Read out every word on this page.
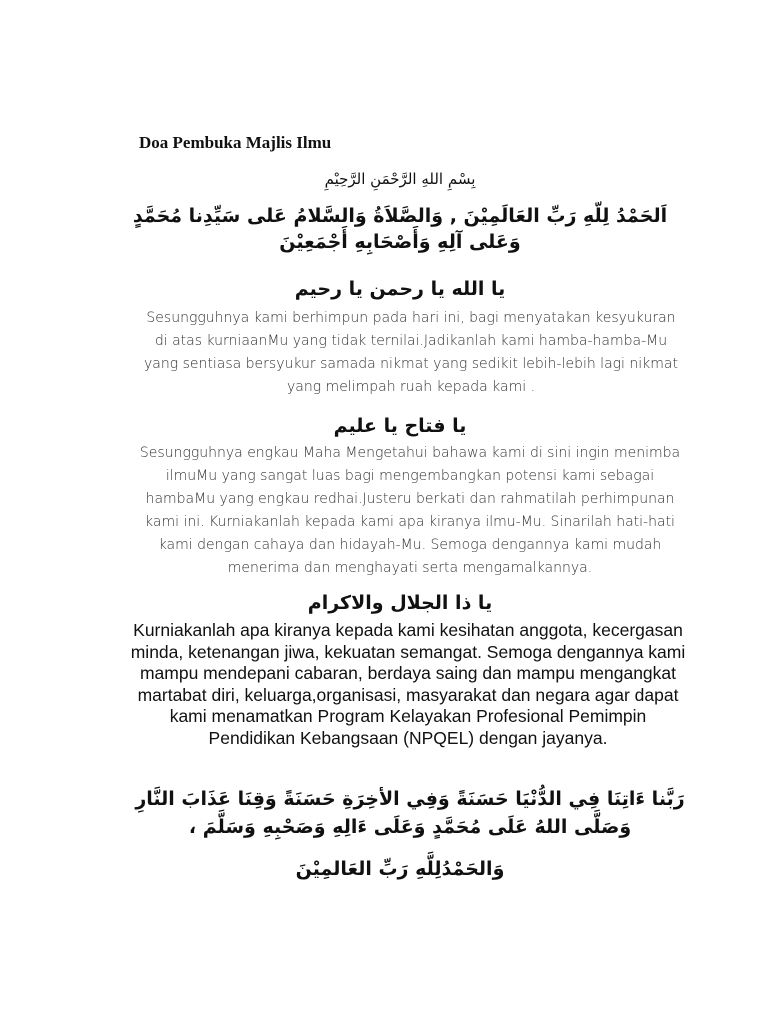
Doa Pembuka Majlis Ilmu
بِسْمِ اللهِ الرَّحْمَنِ الرَّحِيْمِ
اَلحَمْدُ لِلّهِ رَبِّ العَالَمِيْنَ , وَالصَّلاَةُ وَالسَّلامُ عَلى سَيِّدِنا مُحَمَّدٍ وَعَلى آلِهِ وَأَصْحَابِهِ أَجْمَعِيْنَ
يا الله يا رحمن يا رحيم
Sesungguhnya kami berhimpun pada hari ini, bagi menyatakan kesyukuran di atas kurniaanMu yang tidak ternilai.Jadikanlah kami hamba-hamba-Mu yang sentiasa bersyukur samada nikmat yang sedikit lebih-lebih lagi nikmat yang melimpah ruah kepada kami .
يا فتاح يا عليم
Sesungguhnya engkau Maha Mengetahui bahawa kami di sini ingin menimba ilmuMu yang sangat luas bagi mengembangkan potensi kami sebagai hambaMu yang engkau redhai.Justeru berkati dan rahmatilah perhimpunan kami ini. Kurniakanlah kepada kami apa kiranya ilmu-Mu. Sinarilah hati-hati kami dengan cahaya dan hidayah-Mu. Semoga dengannya kami mudah menerima dan menghayati serta mengamalkannya.
يا ذا الجلال والاكرام
Kurniakanlah apa kiranya kepada kami kesihatan anggota, kecergasan minda, ketenangan jiwa, kekuatan semangat. Semoga dengannya kami mampu mendepani cabaran, berdaya saing dan mampu mengangkat martabat diri, keluarga,organisasi, masyarakat dan negara agar dapat kami menamatkan Program Kelayakan Profesional Pemimpin Pendidikan Kebangsaan (NPQEL) dengan jayanya.
رَبَّنا ءَاتِنَا فِي الدُّنْيَا حَسَنَةً وَفِي الأخِرَةِ حَسَنَةً وَقِنَا عَذَابَ النَّارِ وَصَلَّى اللهُ عَلَى مُحَمَّدٍ وَعَلَى ءَالِهِ وَصَحْبِهِ وَسَلَّمَ ،
وَالحَمْدُلِلَّهِ رَبِّ العَالمِيْنَ
